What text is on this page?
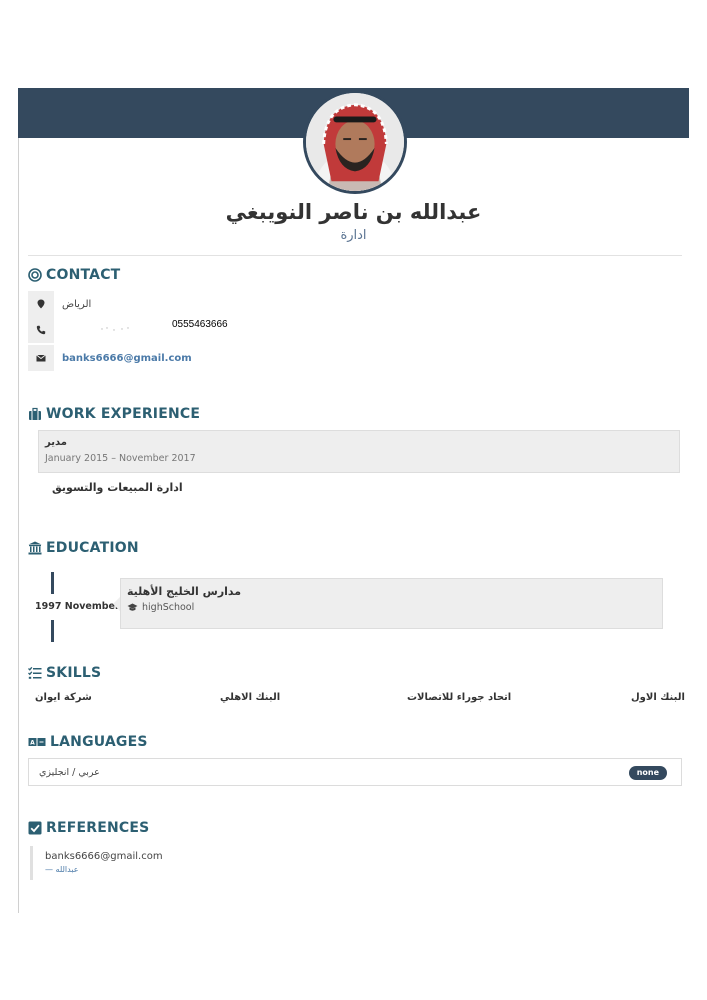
عبدالله بن ناصر النويبغي
ادارة
CONTACT
الرياض
0555463666
banks6666@gmail.com
WORK EXPERIENCE
مدير
January 2015 – November 2017
ادارة المبيعات والتسويق
EDUCATION
1997 November
مدارس الخليج الأهلية
highSchool
SKILLS
البنك الاول
اتحاد جوراء للاتصالات
البنك الاهلي
شركة ايوان
A LANGUAGES
عربي / انجليزي	none
REFERENCES
banks6666@gmail.com
— عبدالله
